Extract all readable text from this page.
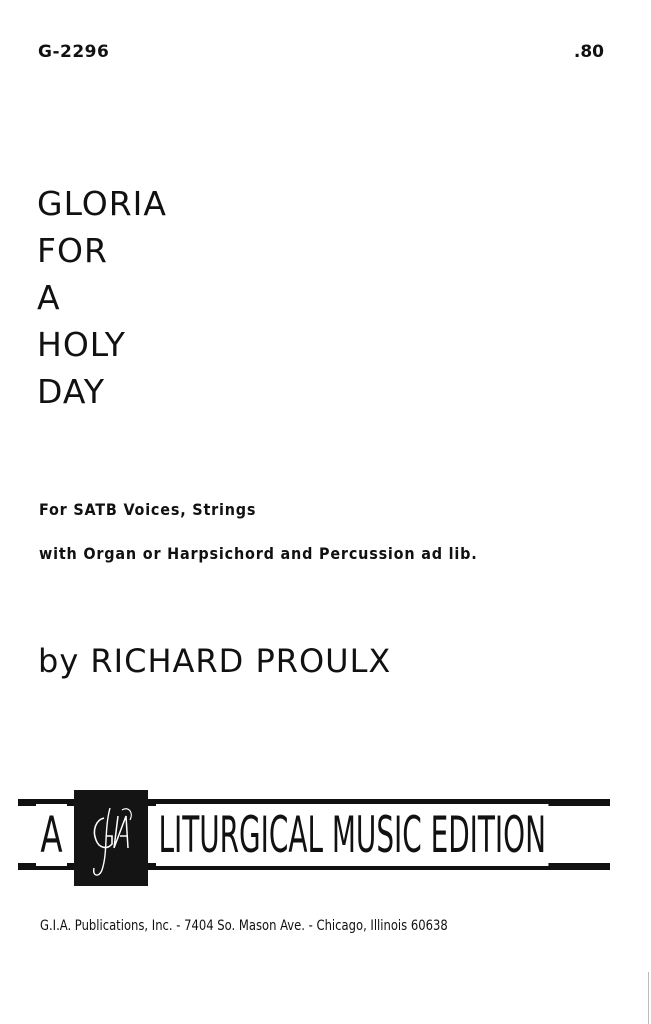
G-2296	.80
GLORIA
FOR
A
HOLY
DAY
For SATB Voices, Strings
with Organ or Harpsichord and Percussion ad lib.
by RICHARD PROULX
A LITURGICAL MUSIC EDITION
G.I.A. Publications, Inc. - 7404 So. Mason Ave. - Chicago, Illinois 60638
